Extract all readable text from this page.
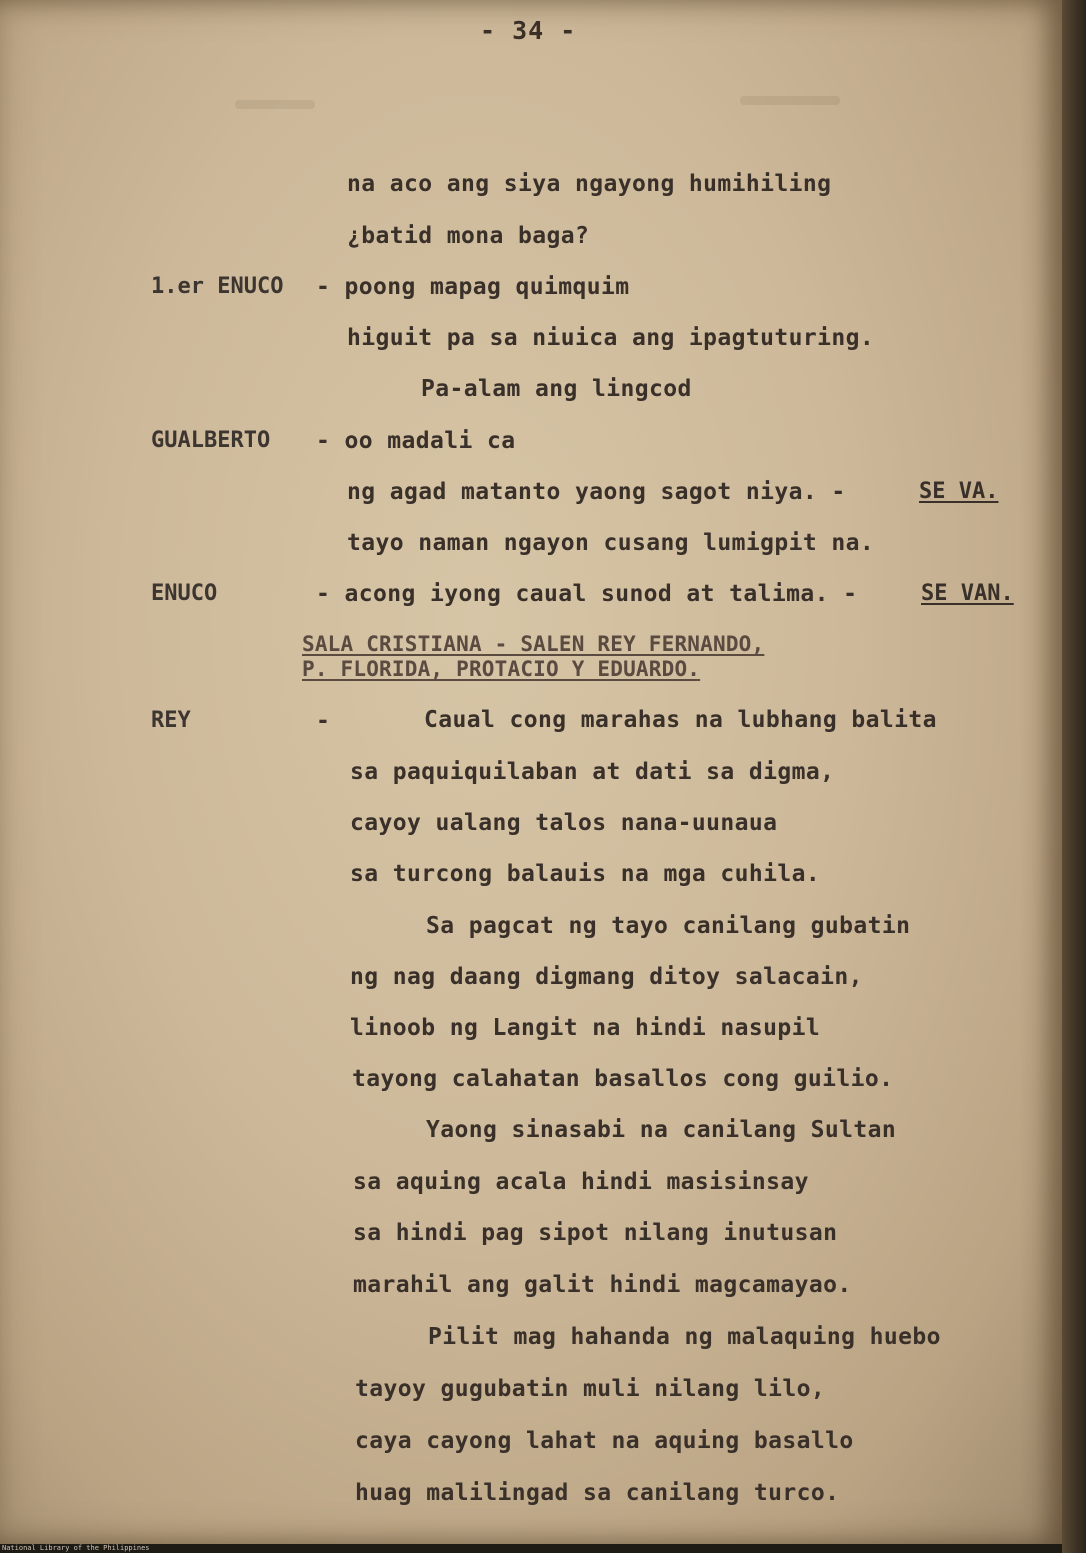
- 34 -
na aco ang siya ngayong humihiling
¿batid mona baga?
1.er ENUCO - poong mapag quimquim
higuit pa sa niuica ang ipagtuturing.
Pa-alam ang lingcod
GUALBERTO - oo madali ca
ng agad matanto yaong sagot niya. -	SE VA.
tayo naman ngayon cusang lumigpit na.
ENUCO	- acong iyong caual sunod at talima. -	SE VAN.
SALA CRISTIANA - SALEN REY FERNANDO,
P. FLORIDA, PROTACIO Y EDUARDO.
REY	-	Caual cong marahas na lubhang balita
sa paquiquilaban at dati sa digma,
cayoy ualang talos nana-uunaua
sa turcong balauis na mga cuhila.
Sa pagcat ng tayo canilang gubatin
ng nag daang digmang ditoy salacain,
linoob ng Langit na hindi nasupil
tayong calahatan basallos cong guilio.
Yaong sinasabi na canilang Sultan
sa aquing acala hindi masisinsay
sa hindi pag sipot nilang inutusan
marahil ang galit hindi magcamayao.
Pilit mag hahanda ng malaquing huebo
tayoy gugubatin muli nilang lilo,
caya cayong lahat na aquing basallo
huag malilingad sa canilang turco.
National Library of the Philippines
